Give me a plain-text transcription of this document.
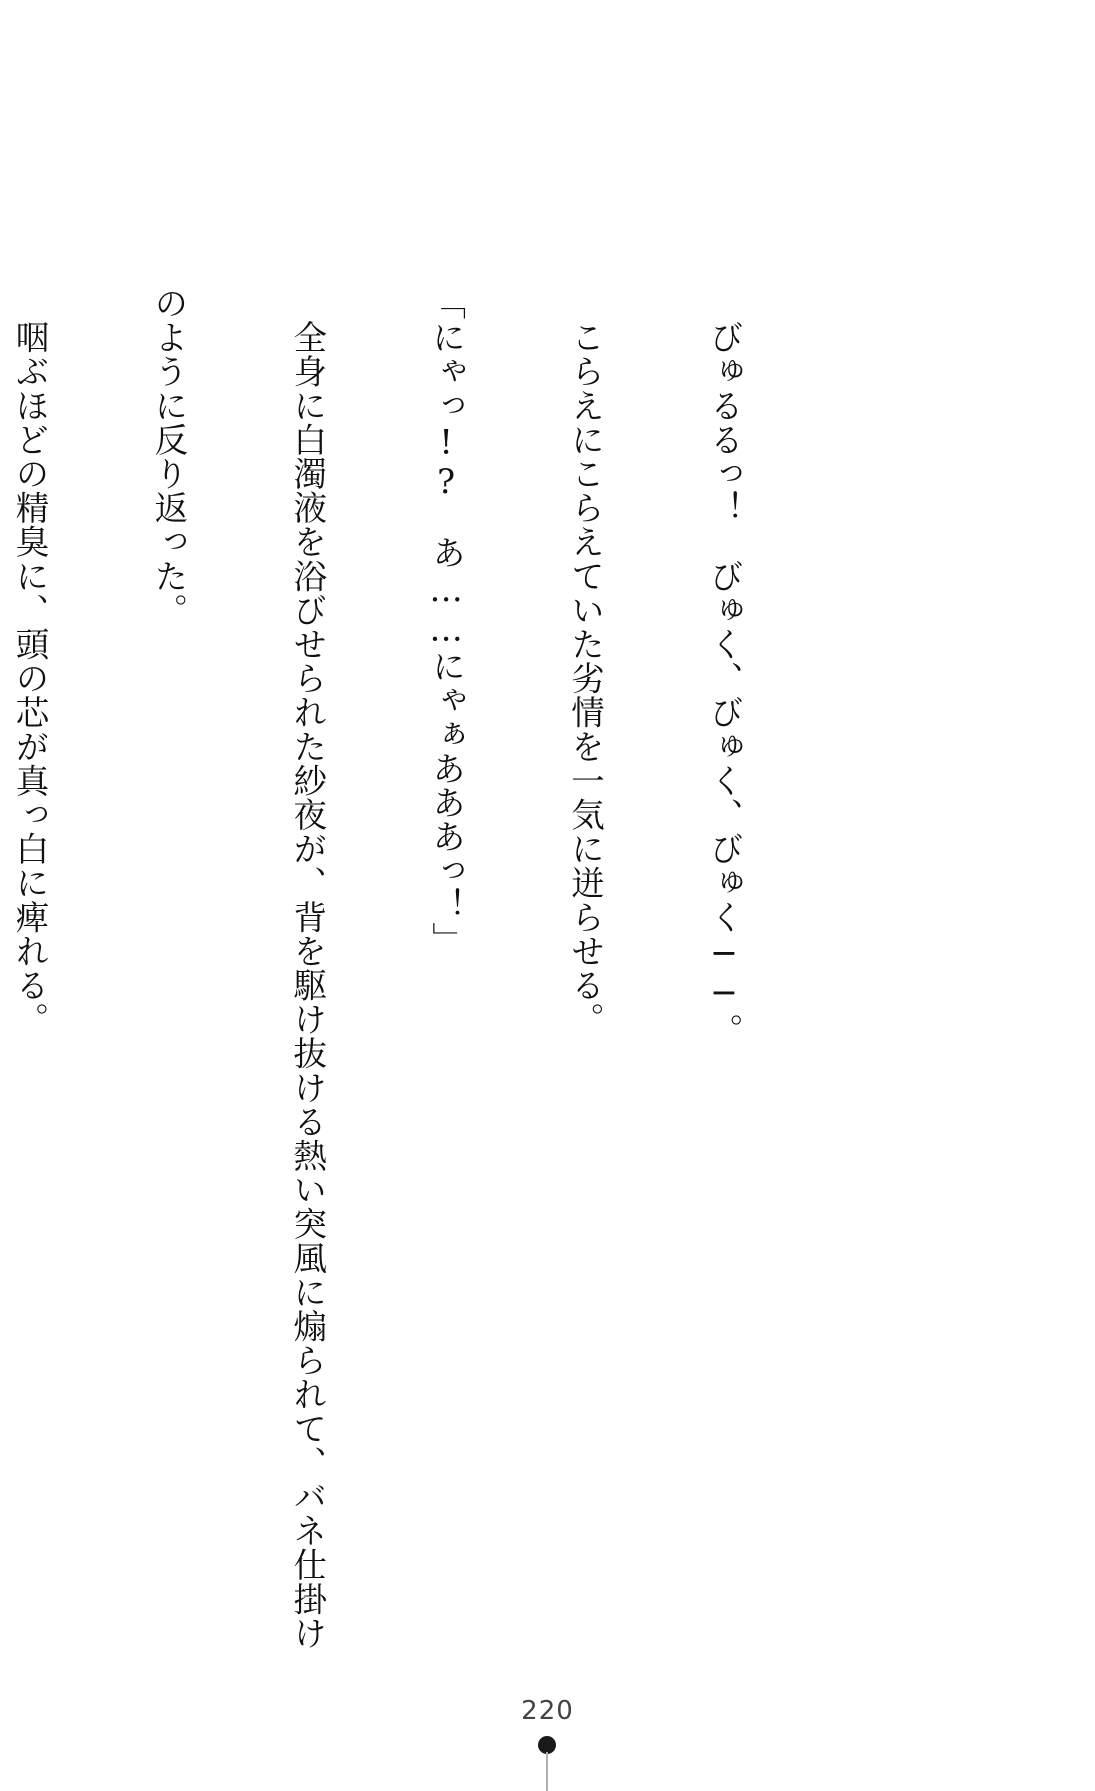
　びゅるるっ！　びゅく、びゅく、びゅく──。

　こらえにこらえていた劣情を一気に迸らせる。

「にゃっ!?　あ……にゃぁあああっ！」

　全身に白濁液を浴びせられた紗夜が、背を駆け抜ける熱い突風に煽られて、バネ仕掛け

のように反り返った。

　咽ぶほどの精臭に、頭の芯が真っ白に痺れる。

220
